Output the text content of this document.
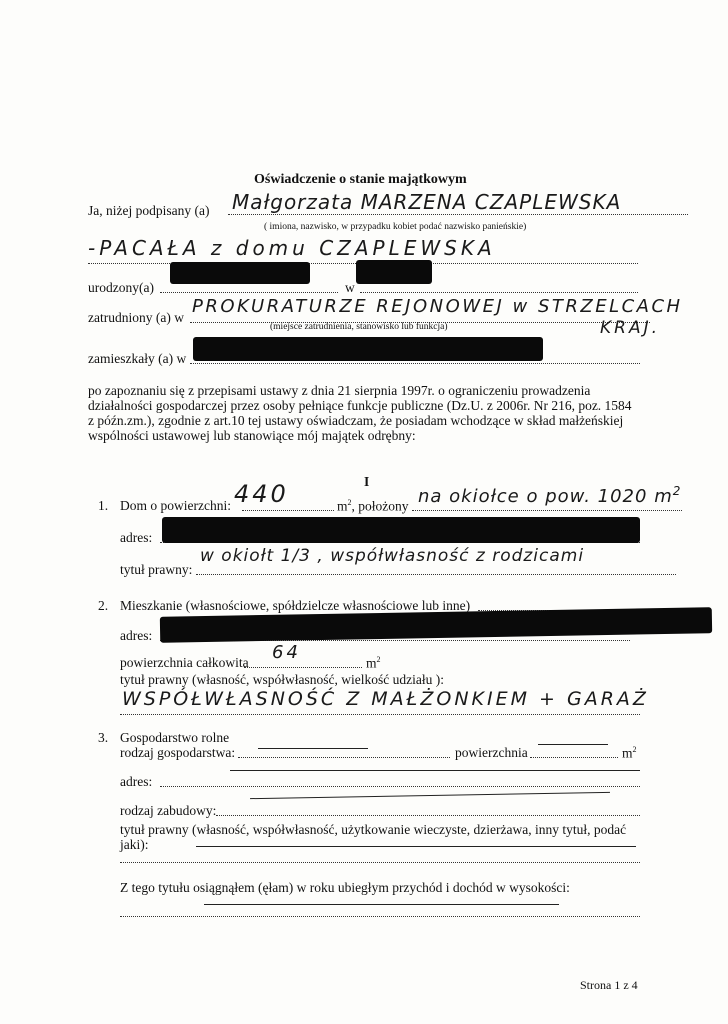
Oświadczenie o stanie majątkowym
Ja, niżej podpisany (a) Małgorzata MARZENA CZAPLEWSKA
( imiona, nazwisko, w przypadku kobiet podać nazwisko panieńskie)
-PACAŁA z domu CZAPLEWSKA
urodzony(a)	w
zatrudniony (a) w
PROKURATURZE REJONOWEJ w STRZELCACH
KRAJ.
(miejsce zatrudnienia, stanowisko lub funkcja)
zamieszkały (a) w
po zapoznaniu się z przepisami ustawy z dnia 21 sierpnia 1997r. o ograniczeniu prowadzenia
działalności gospodarczej przez osoby pełniące funkcje publiczne (Dz.U. z 2006r. Nr 216, poz. 1584
z późn.zm.), zgodnie z art.10 tej ustawy oświadczam, że posiadam wchodzące w skład małżeńskiej
wspólności ustawowej lub stanowiące mój majątek odrębny:
I
1. Dom o powierzchni: 440	$m^2$, położony na okiołce o pow. 1020 $m^2$
adres:
tytuł prawny:
w okiołt 1/3 , współwłasność z rodzicami
2. Mieszkanie (własnościowe, spółdzielcze własnościowe lub inne)
adres:
powierzchnia całkowita 64	$m^2$
tytuł prawny (własność, współwłasność, wielkość udziału ):
WSPÓŁWŁASNOŚĆ Z MAŁŻONKIEM + GARAŻ
3. Gospodarstwo rolne
rodzaj gospodarstwa:	powierzchnia	$m^2$
adres:
rodzaj zabudowy:
tytuł prawny (własność, współwłasność, użytkowanie wieczyste, dzierżawa, inny tytuł, podać
jaki):
Z tego tytułu osiągnąłem (ęłam) w roku ubiegłym przychód i dochód w wysokości:
Strona 1 z 4
